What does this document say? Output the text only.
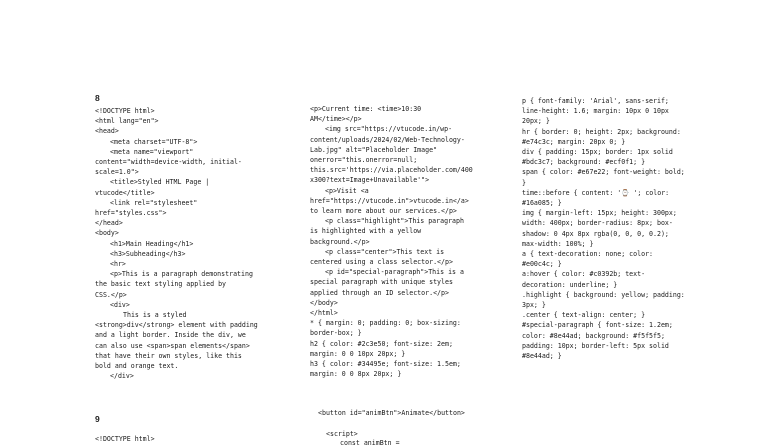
8
<!DOCTYPE html>
<html lang="en">
<head>
<meta charset="UTF-8">
<meta name="viewport"
content="width=device-width, initial-
scale=1.0">
<title>Styled HTML Page |
vtucode</title>
<link rel="stylesheet"
href="styles.css">
</head>
<body>
<h1>Main Heading</h1>
<h3>Subheading</h3>
<hr>
<p>This is a paragraph demonstrating
the basic text styling applied by
CSS.</p>
<div>
This is a styled
<strong>div</strong> element with padding
and a light border. Inside the div, we
can also use <span>span elements</span>
that have their own styles, like this
bold and orange text.
</div>
<p>Current time: <time>10:30
AM</time></p>
<img src="https://vtucode.in/wp-
content/uploads/2024/02/Web-Technology-
Lab.jpg" alt="Placeholder Image"
onerror="this.onerror=null;
this.src='https://via.placeholder.com/400
x300?text=Image+Unavailable'">
<p>Visit <a
href="https://vtucode.in">vtucode.in</a>
to learn more about our services.</p>
<p class="highlight">This paragraph
is highlighted with a yellow
background.</p>
<p class="center">This text is
centered using a class selector.</p>
<p id="special-paragraph">This is a
special paragraph with unique styles
applied through an ID selector.</p>
</body>
</html>
* { margin: 0; padding: 0; box-sizing:
border-box; }
h2 { color: #2c3e50; font-size: 2em;
margin: 0 0 10px 20px; }
h3 { color: #34495e; font-size: 1.5em;
margin: 0 0 8px 20px; }
p { font-family: 'Arial', sans-serif;
line-height: 1.6; margin: 10px 0 10px
20px; }
hr { border: 0; height: 2px; background:
#e74c3c; margin: 20px 0; }
div { padding: 15px; border: 1px solid
#bdc3c7; background: #ecf0f1; }
span { color: #e67e22; font-weight: bold;
}
time::before { content: '⌚ '; color:
#16a085; }
img { margin-left: 15px; height: 300px;
width: 400px; border-radius: 8px; box-
shadow: 0 4px 8px rgba(0, 0, 0, 0.2);
max-width: 100%; }
a { text-decoration: none; color:
#e00c4c; }
a:hover { color: #c0392b; text-
decoration: underline; }
.highlight { background: yellow; padding:
3px; }
.center { text-align: center; }
#special-paragraph { font-size: 1.2em;
color: #8e44ad; background: #f5f5f5;
padding: 10px; border-left: 5px solid
#8e44ad; }
<button id="animBtn">Animate</button>
<script>
const animBtn =
9
<!DOCTYPE html>
